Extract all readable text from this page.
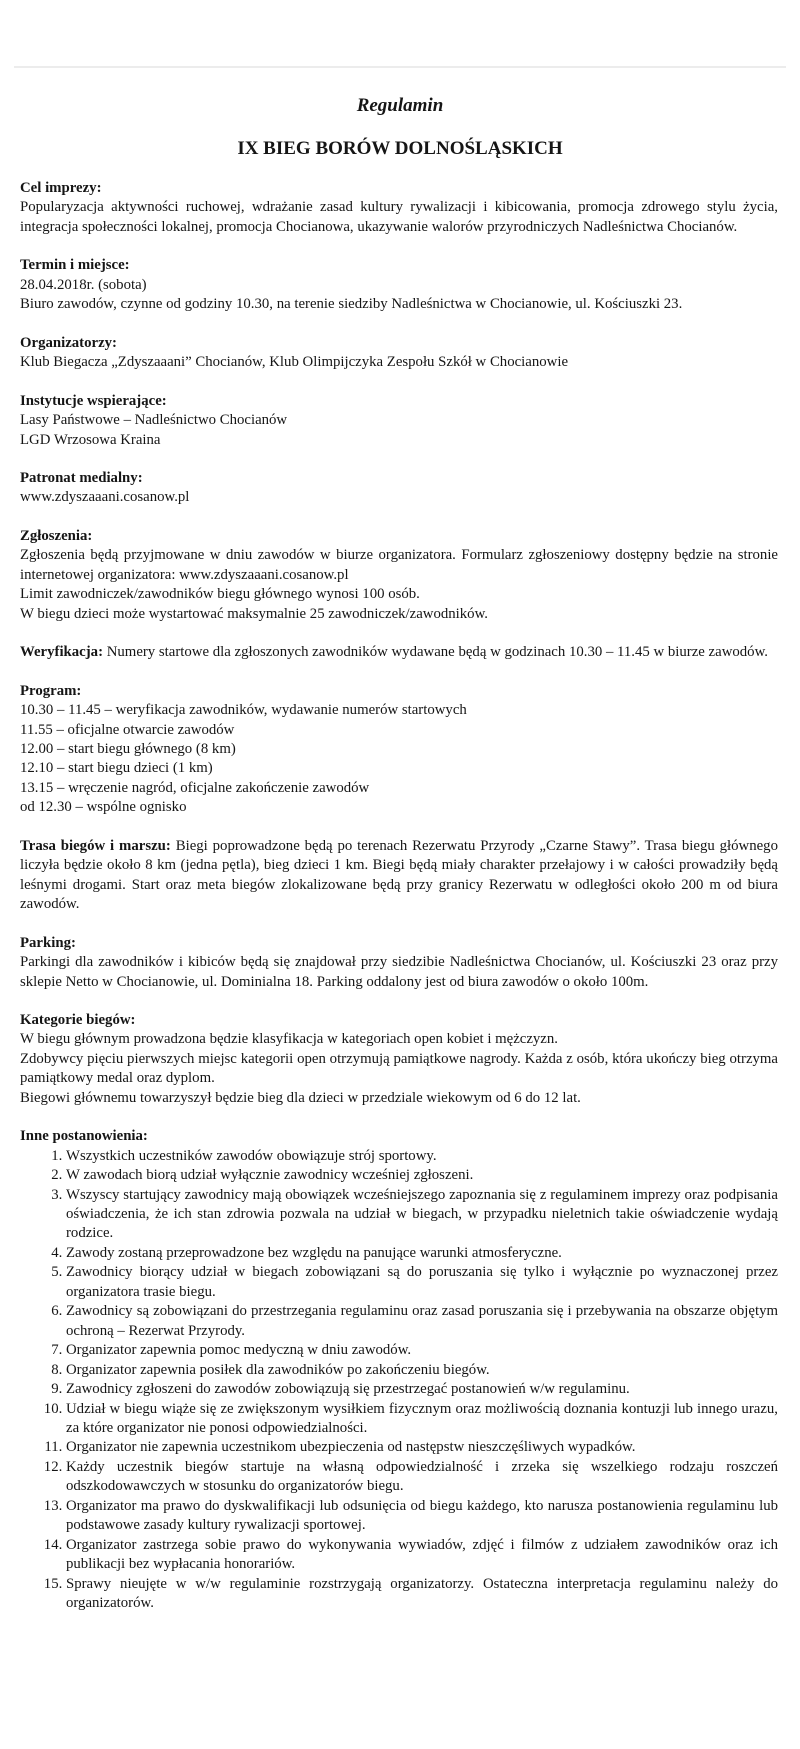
Regulamin
IX BIEG BORÓW DOLNOŚLĄSKICH

Cel imprezy:

Popularyzacja aktywności ruchowej, wdrażanie zasad kultury rywalizacji i kibicowania, promocja zdrowego stylu życia, integracja społeczności lokalnej, promocja Chocianowa, ukazywanie walorów przyrodniczych Nadleśnictwa Chocianów.

Termin i miejsce:

28.04.2018r. (sobota)

Biuro zawodów, czynne od godziny 10.30, na terenie siedziby Nadleśnictwa w Chocianowie, ul. Kościuszki 23.

Organizatorzy:

Klub Biegacza „Zdyszaaani” Chocianów, Klub Olimpijczyka Zespołu Szkół w Chocianowie

Instytucje wspierające:

Lasy Państwowe – Nadleśnictwo Chocianów

LGD Wrzosowa Kraina

Patronat medialny:

www.zdyszaaani.cosanow.pl

Zgłoszenia:

Zgłoszenia będą przyjmowane w dniu zawodów w biurze organizatora. Formularz zgłoszeniowy dostępny będzie na stronie internetowej organizatora: www.zdyszaaani.cosanow.pl

Limit zawodniczek/zawodników biegu głównego wynosi 100 osób.

W biegu dzieci może wystartować maksymalnie 25 zawodniczek/zawodników.

Weryfikacja: Numery startowe dla zgłoszonych zawodników wydawane będą w godzinach 10.30 – 11.45 w biurze zawodów.

Program:

10.30 – 11.45 – weryfikacja zawodników, wydawanie numerów startowych
11.55 – oficjalne otwarcie zawodów
12.00 – start biegu głównego (8 km)
12.10 – start biegu dzieci (1 km)
13.15 – wręczenie nagród, oficjalne zakończenie zawodów
od 12.30 – wspólne ognisko

Trasa biegów i marszu: Biegi poprowadzone będą po terenach Rezerwatu Przyrody „Czarne Stawy”. Trasa biegu głównego liczyła będzie około 8 km (jedna pętla), bieg dzieci 1 km. Biegi będą miały charakter przełajowy i w całości prowadziły będą leśnymi drogami. Start oraz meta biegów zlokalizowane będą przy granicy Rezerwatu w odległości około 200 m od biura zawodów.

Parking:

Parkingi dla zawodników i kibiców będą się znajdował przy siedzibie Nadleśnictwa Chocianów, ul. Kościuszki 23 oraz przy sklepie Netto w Chocianowie, ul. Dominialna 18. Parking oddalony jest od biura zawodów o około 100m.

Kategorie biegów:

W biegu głównym prowadzona będzie klasyfikacja w kategoriach open kobiet i mężczyzn.

Zdobywcy pięciu pierwszych miejsc kategorii open otrzymują pamiątkowe nagrody. Każda z osób, która ukończy bieg otrzyma pamiątkowy medal oraz dyplom.

Biegowi głównemu towarzyszył będzie bieg dla dzieci w przedziale wiekowym od 6 do 12 lat.

Inne postanowienia:

1. Wszystkich uczestników zawodów obowiązuje strój sportowy.
2. W zawodach biorą udział wyłącznie zawodnicy wcześniej zgłoszeni.
3. Wszyscy startujący zawodnicy mają obowiązek wcześniejszego zapoznania się z regulaminem imprezy oraz podpisania oświadczenia, że ich stan zdrowia pozwala na udział w biegach, w przypadku nieletnich takie oświadczenie wydają rodzice.
4. Zawody zostaną przeprowadzone bez względu na panujące warunki atmosferyczne.
5. Zawodnicy biorący udział w biegach zobowiązani są do poruszania się tylko i wyłącznie po wyznaczonej przez organizatora trasie biegu.
6. Zawodnicy są zobowiązani do przestrzegania regulaminu oraz zasad poruszania się i przebywania na obszarze objętym ochroną – Rezerwat Przyrody.
7. Organizator zapewnia pomoc medyczną w dniu zawodów.
8. Organizator zapewnia posiłek dla zawodników po zakończeniu biegów.
9. Zawodnicy zgłoszeni do zawodów zobowiązują się przestrzegać postanowień w/w regulaminu.
10. Udział w biegu wiąże się ze zwiększonym wysiłkiem fizycznym oraz możliwością doznania kontuzji lub innego urazu, za które organizator nie ponosi odpowiedzialności.
11. Organizator nie zapewnia uczestnikom ubezpieczenia od następstw nieszczęśliwych wypadków.
12. Każdy uczestnik biegów startuje na własną odpowiedzialność i zrzeka się wszelkiego rodzaju roszczeń odszkodowawczych w stosunku do organizatorów biegu.
13. Organizator ma prawo do dyskwalifikacji lub odsunięcia od biegu każdego, kto narusza postanowienia regulaminu lub podstawowe zasady kultury rywalizacji sportowej.
14. Organizator zastrzega sobie prawo do wykonywania wywiadów, zdjęć i filmów z udziałem zawodników oraz ich publikacji bez wypłacania honorariów.
15. Sprawy nieujęte w w/w regulaminie rozstrzygają organizatorzy. Ostateczna interpretacja regulaminu należy do organizatorów.
